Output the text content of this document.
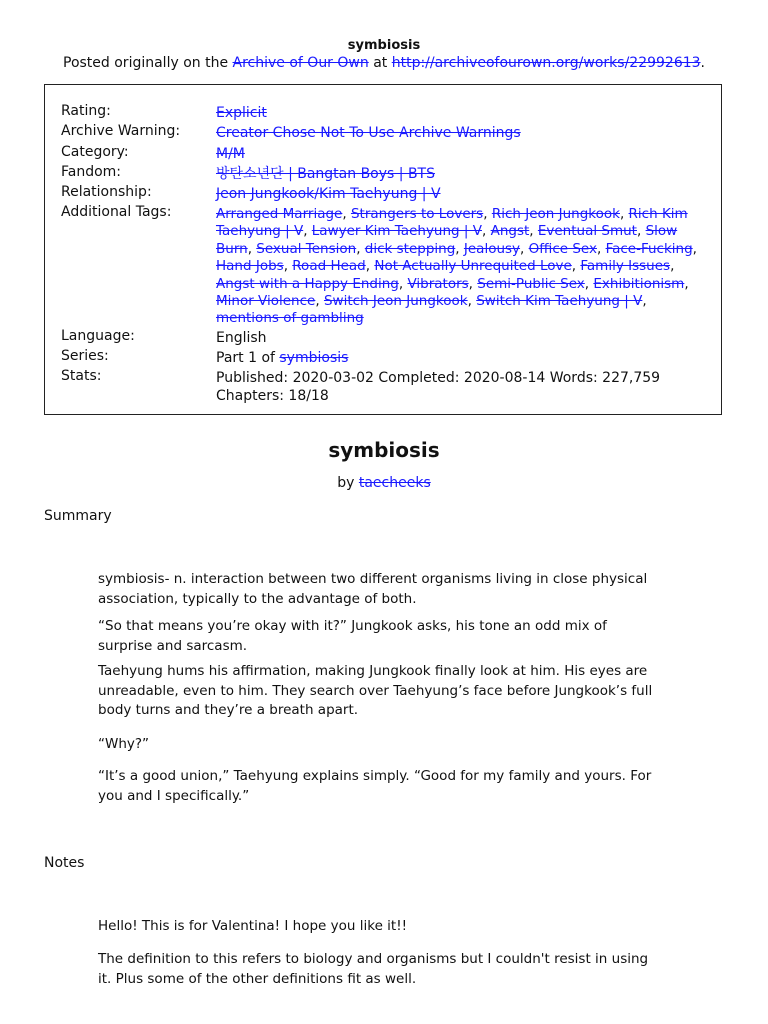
symbiosis
Posted originally on the Archive of Our Own at http://archiveofourown.org/works/22992613.
Rating:	Explicit
Archive Warning:	Creator Chose Not To Use Archive Warnings
Category:	M/M
Fandom:	방탄소년단 | Bangtan Boys | BTS
Relationship:	Jeon Jungkook/Kim Taehyung | V
Additional Tags:	Arranged Marriage, Strangers to Lovers, Rich Jeon Jungkook, Rich Kim Taehyung | V, Lawyer Kim Taehyung | V, Angst, Eventual Smut, Slow Burn, Sexual Tension, dick stepping, Jealousy, Office Sex, Face-Fucking, Hand Jobs, Road Head, Not Actually Unrequited Love, Family Issues, Angst with a Happy Ending, Vibrators, Semi-Public Sex, Exhibitionism, Minor Violence, Switch Jeon Jungkook, Switch Kim Taehyung | V, mentions of gambling
Language:	English
Series:	Part 1 of symbiosis
Stats:	Published: 2020-03-02 Completed: 2020-08-14 Words: 227,759
Chapters: 18/18
symbiosis
by taecheeks
Summary
symbiosis- n. interaction between two different organisms living in close physical association, typically to the advantage of both.
“So that means you’re okay with it?” Jungkook asks, his tone an odd mix of surprise and sarcasm.
Taehyung hums his affirmation, making Jungkook finally look at him. His eyes are unreadable, even to him. They search over Taehyung’s face before Jungkook’s full body turns and they’re a breath apart.
“Why?”
“It’s a good union,” Taehyung explains simply. “Good for my family and yours. For you and I specifically.”
Notes
Hello! This is for Valentina! I hope you like it!!
The definition to this refers to biology and organisms but I couldn't resist in using it. Plus some of the other definitions fit as well.
